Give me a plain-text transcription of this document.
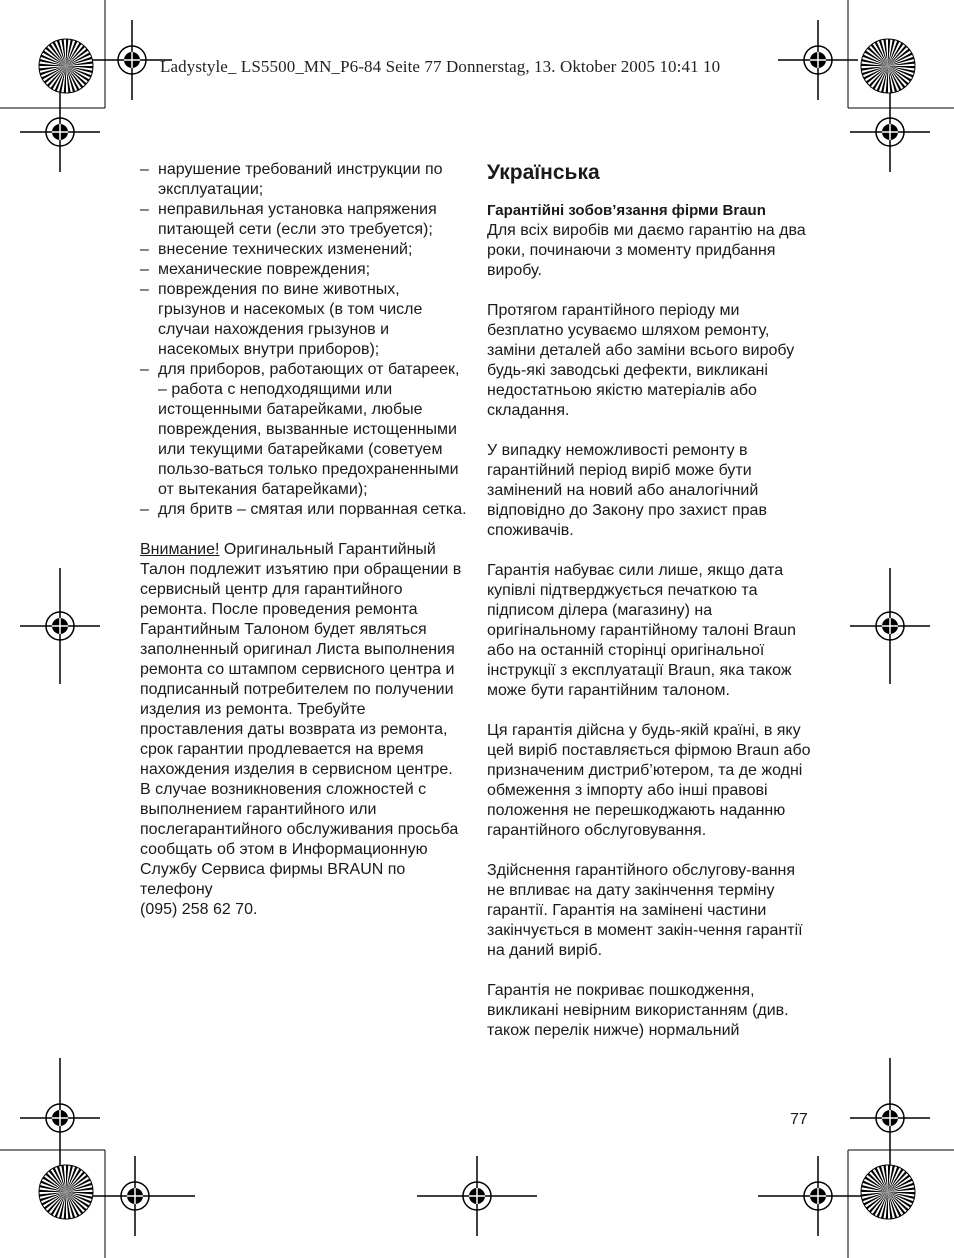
Ladystyle_ LS5500_MN_P6-84 Seite 77 Donnerstag, 13. Oktober 2005 10:41 10
– нарушение требований инструкции по эксплуатации;
– неправильная установка напряжения питающей сети (если это требуется);
– внесение технических изменений;
– механические повреждения;
– повреждения по вине животных, грызунов и насекомых (в том числе случаи нахождения грызунов и насекомых внутри приборов);
– для приборов, работающих от батареек, – работа с неподходящими или истощенными батарейками, любые повреждения, вызванные истощенными или текущими батарейками (советуем пользо-ваться только предохраненными от вытекания батарейками);
– для бритв – смятая или порванная сетка.

Внимание! Оригинальный Гарантийный Талон подлежит изъятию при обращении в сервисный центр для гарантийного ремонта. После проведения ремонта Гарантийным Талоном будет являться заполненный оригинал Листа выполнения ремонта со штампом сервисного центра и подписанный потребителем по получении изделия из ремонта. Требуйте проставления даты возврата из ремонта, срок гарантии продлевается на время нахождения изделия в сервисном центре.

В случае возникновения сложностей с выполнением гарантийного или послегарантийного обслуживания просьба сообщать об этом в Информационную Службу Сервиса фирмы BRAUN по телефону

(095) 258 62 70.

Українська
Гарантійні зобов’язання фірми Braun

Для всіх виробів ми даємо гарантію на два роки, починаючи з моменту придбання виробу.

Протягом гарантійного періоду ми безплатно усуваємо шляхом ремонту, заміни деталей або заміни всього виробу будь-які заводські дефекти, викликані недостатньою якістю матеріалів або складання.

У випадку неможливості ремонту в гарантійний період виріб може бути замінений на новий або аналогічний відповідно до Закону про захист прав споживачів.

Гарантія набуває сили лише, якщо дата купівлі підтверджується печаткою та підписом ділера (магазину) на оригінальному гарантійному талоні Braun або на останній сторінці оригінальної інструкції з експлуатації Braun, яка також може бути гарантійним талоном.

Ця гарантія дійсна у будь-якій країні, в яку цей виріб поставляється фірмою Braun або призначеним дистриб’ютером, та де жодні обмеження з імпорту або інші правові положення не перешкоджають наданню гарантійного обслуговування.

Здійснення гарантійного обслугову-вання не впливає на дату закінчення терміну гарантії. Гарантія на замінені частини закінчується в момент закін-чення гарантії на даний виріб.

Гарантія не покриває пошкодження, викликані невірним використанням (див. також перелік нижче) нормальний

77
